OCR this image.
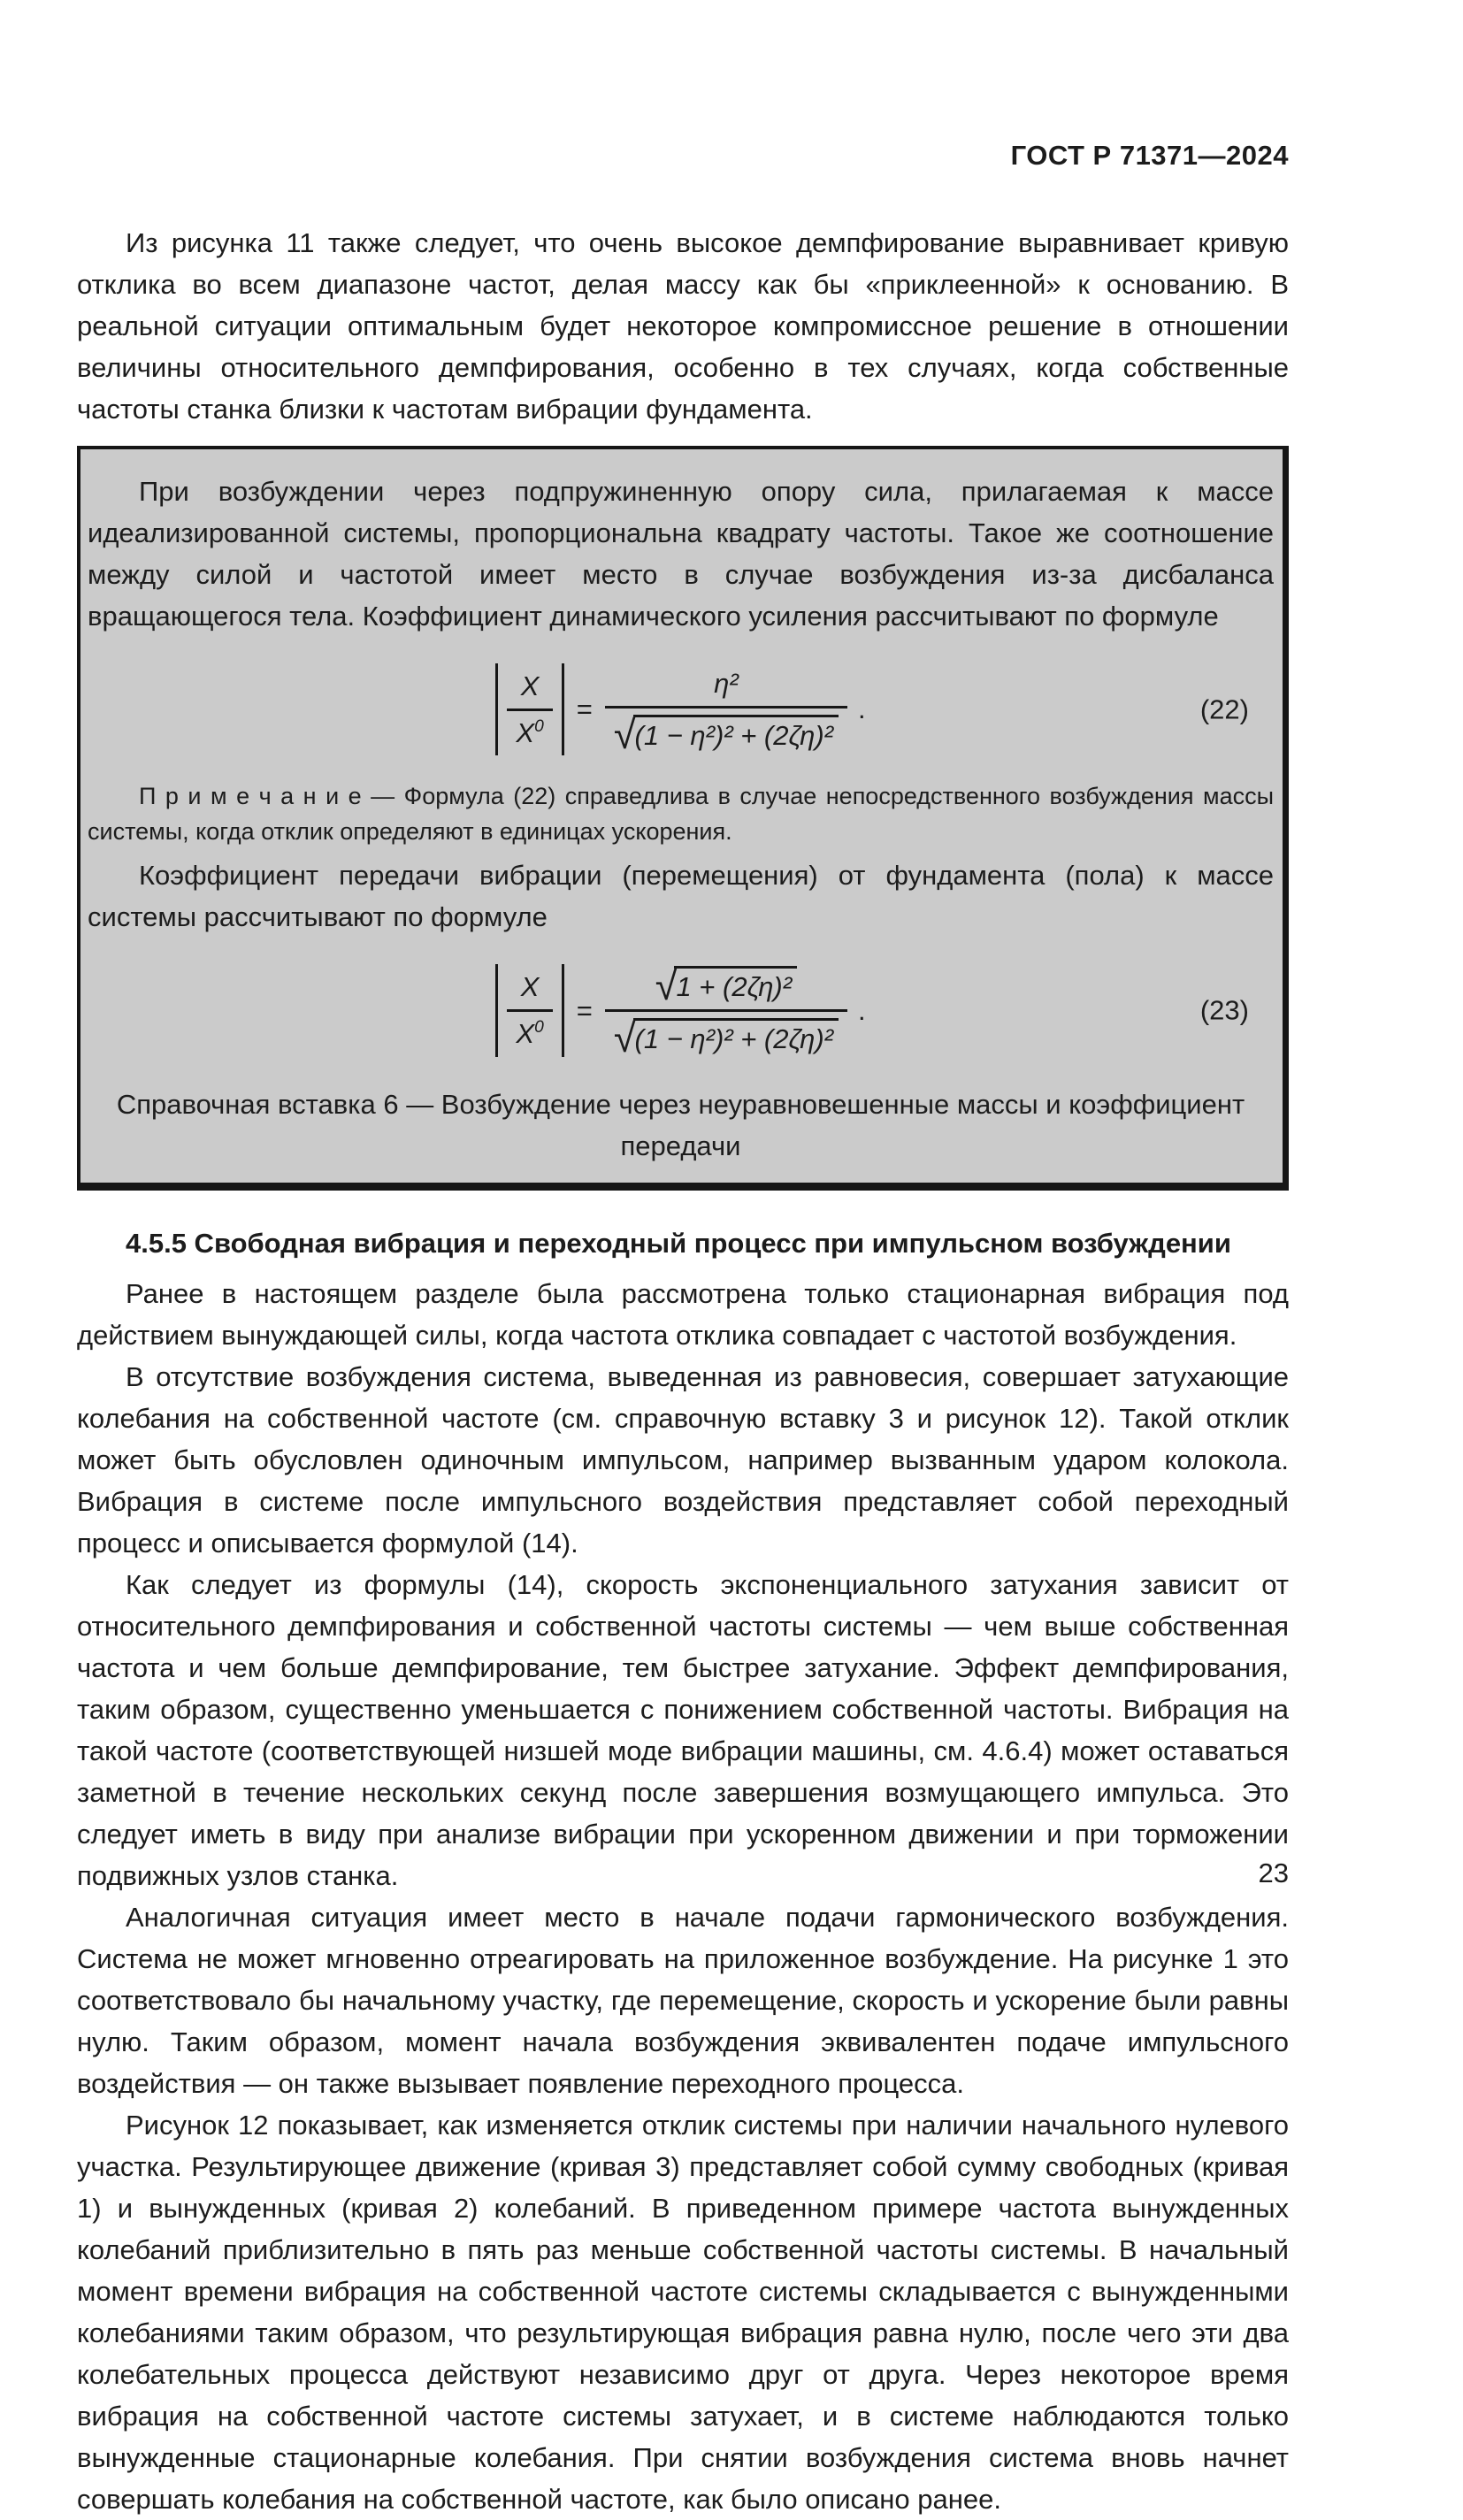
ГОСТ Р 71371—2024

Из рисунка 11 также следует, что очень высокое демпфирование выравнивает кривую отклика во всем диапазоне частот, делая массу как бы «приклеенной» к основанию. В реальной ситуации оптимальным будет некоторое компромиссное решение в отношении величины относительного демпфирования, особенно в тех случаях, когда собственные частоты станка близки к частотам вибрации фундамента.

При возбуждении через подпружиненную опору сила, прилагаемая к массе идеализированной системы, пропорциональна квадрату частоты. Такое же соотношение между силой и частотой имеет место в случае возбуждения из-за дисбаланса вращающегося тела. Коэффициент динамического усиления рассчитывают по формуле

$\frac{X}{X 0} = \frac{\text{η²}}{\text{√ (1 − η²)² + (2ζη)²}}$ .	(22)

П р и м е ч а н и е — Формула (22) справедлива в случае непосредственного возбуждения массы системы, когда отклик определяют в единицах ускорения.

Коэффициент передачи вибрации (перемещения) от фундамента (пола) к массе системы рассчитывают по формуле

$\frac{X}{X 0} = \frac{\text{√ 1 + (2ζη)²}}{\text{√ (1 − η²)² + (2ζη)²}}$ .	(23)
Справочная вставка 6 — Возбуждение через неуравновешенные массы и коэффициент передачи
4.5.5 Свободная вибрация и переходный процесс при импульсном возбуждении

Ранее в настоящем разделе была рассмотрена только стационарная вибрация под действием вынуждающей силы, когда частота отклика совпадает с частотой возбуждения.

В отсутствие возбуждения система, выведенная из равновесия, совершает затухающие колебания на собственной частоте (см. справочную вставку 3 и рисунок 12). Такой отклик может быть обусловлен одиночным импульсом, например вызванным ударом колокола. Вибрация в системе после импульсного воздействия представляет собой переходный процесс и описывается формулой (14).

Как следует из формулы (14), скорость экспоненциального затухания зависит от относительного демпфирования и собственной частоты системы — чем выше собственная частота и чем больше демпфирование, тем быстрее затухание. Эффект демпфирования, таким образом, существенно уменьшается с понижением собственной частоты. Вибрация на такой частоте (соответствующей низшей моде вибрации машины, см. 4.6.4) может оставаться заметной в течение нескольких секунд после завершения возмущающего импульса. Это следует иметь в виду при анализе вибрации при ускоренном движении и при торможении подвижных узлов станка.

Аналогичная ситуация имеет место в начале подачи гармонического возбуждения. Система не может мгновенно отреагировать на приложенное возбуждение. На рисунке 1 это соответствовало бы начальному участку, где перемещение, скорость и ускорение были равны нулю. Таким образом, момент начала возбуждения эквивалентен подаче импульсного воздействия — он также вызывает появление переходного процесса.

Рисунок 12 показывает, как изменяется отклик системы при наличии начального нулевого участка. Результирующее движение (кривая 3) представляет собой сумму свободных (кривая 1) и вынужденных (кривая 2) колебаний. В приведенном примере частота вынужденных колебаний приблизительно в пять раз меньше собственной частоты системы. В начальный момент времени вибрация на собственной частоте системы складывается с вынужденными колебаниями таким образом, что результирующая вибрация равна нулю, после чего эти два колебательных процесса действуют независимо друг от друга. Через некоторое время вибрация на собственной частоте системы затухает, и в системе наблюдаются только вынужденные стационарные колебания. При снятии возбуждения система вновь начнет совершать колебания на собственной частоте, как было описано ранее.

23
